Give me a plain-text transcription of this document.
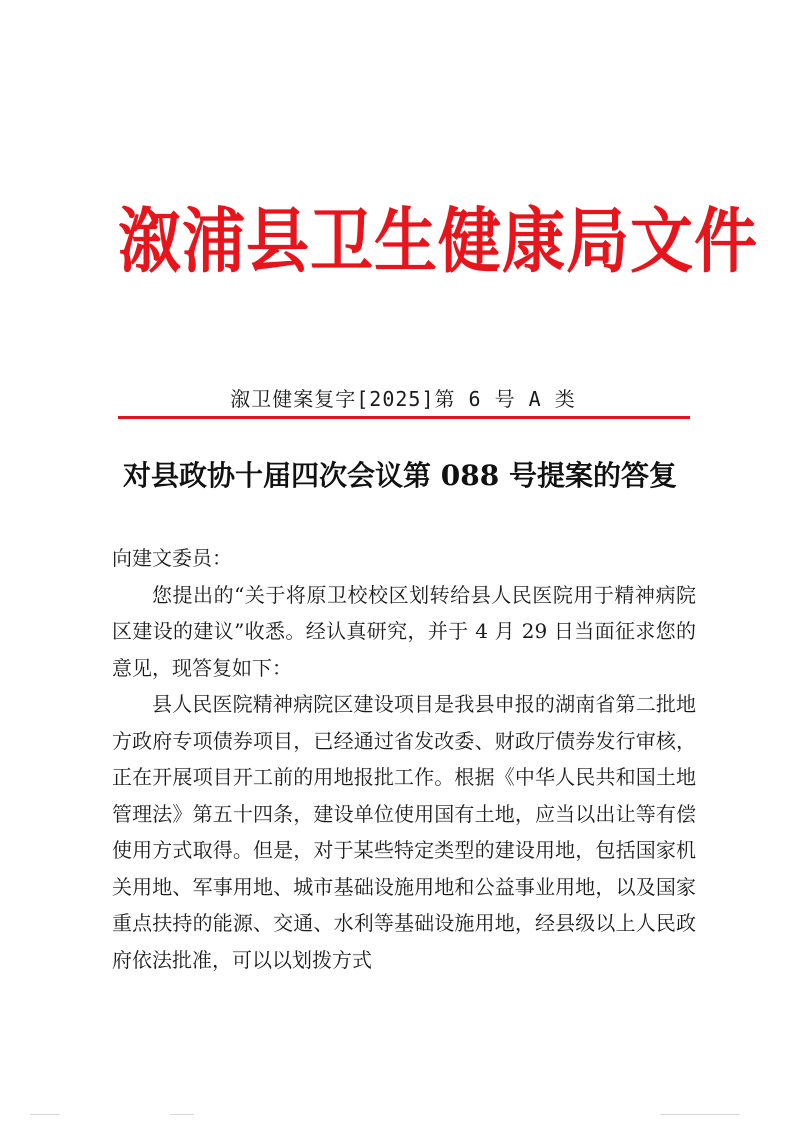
溆浦县卫生健康局文件
溆卫健案复字[2025]第 6 号 A 类
对县政协十届四次会议第 088 号提案的答复

向建文委员：

您提出的“关于将原卫校校区划转给县人民医院用于精神病院区建设的建议”收悉。经认真研究，并于 4 月 29 日当面征求您的意见，现答复如下：

县人民医院精神病院区建设项目是我县申报的湖南省第二批地方政府专项债券项目，已经通过省发改委、财政厅债券发行审核，正在开展项目开工前的用地报批工作。根据《中华人民共和国土地管理法》第五十四条，建设单位使用国有土地，应当以出让等有偿使用方式取得。但是，对于某些特定类型的建设用地，包括国家机关用地、军事用地、城市基础设施用地和公益事业用地，以及国家重点扶持的能源、交通、水利等基础设施用地，经县级以上人民政府依法批准，可以以划拨方式
